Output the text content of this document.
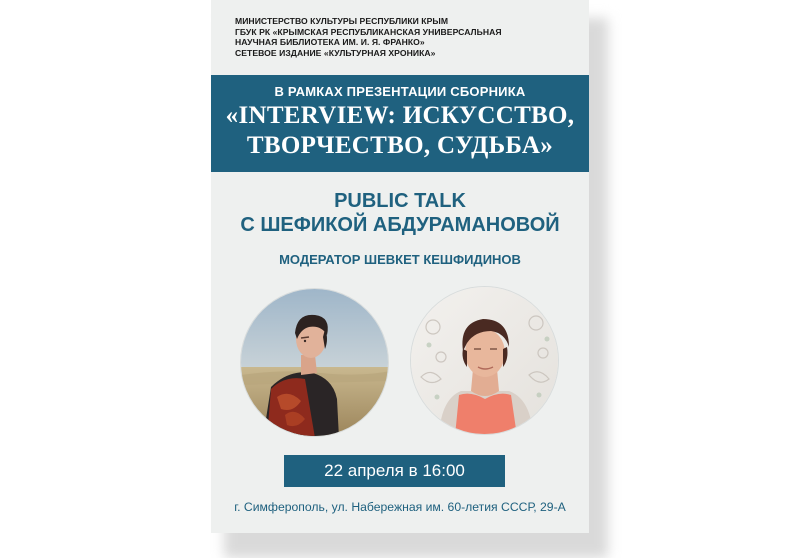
МИНИСТЕРСТВО КУЛЬТУРЫ РЕСПУБЛИКИ КРЫМ
ГБУК РК «КРЫМСКАЯ РЕСПУБЛИКАНСКАЯ УНИВЕРСАЛЬНАЯ
НАУЧНАЯ БИБЛИОТЕКА ИМ. И. Я. ФРАНКО»
СЕТЕВОЕ ИЗДАНИЕ «КУЛЬТУРНАЯ ХРОНИКА»
В РАМКАХ ПРЕЗЕНТАЦИИ СБОРНИКА
«INTERVIEW: ИСКУССТВО,
ТВОРЧЕСТВО, СУДЬБА»
PUBLIC TALK
С ШЕФИКОЙ АБДУРАМАНОВОЙ
МОДЕРАТОР ШЕВКЕТ КЕШФИДИНОВ
22 апреля в 16:00
г. Симферополь, ул. Набережная им. 60-летия СССР, 29-А
